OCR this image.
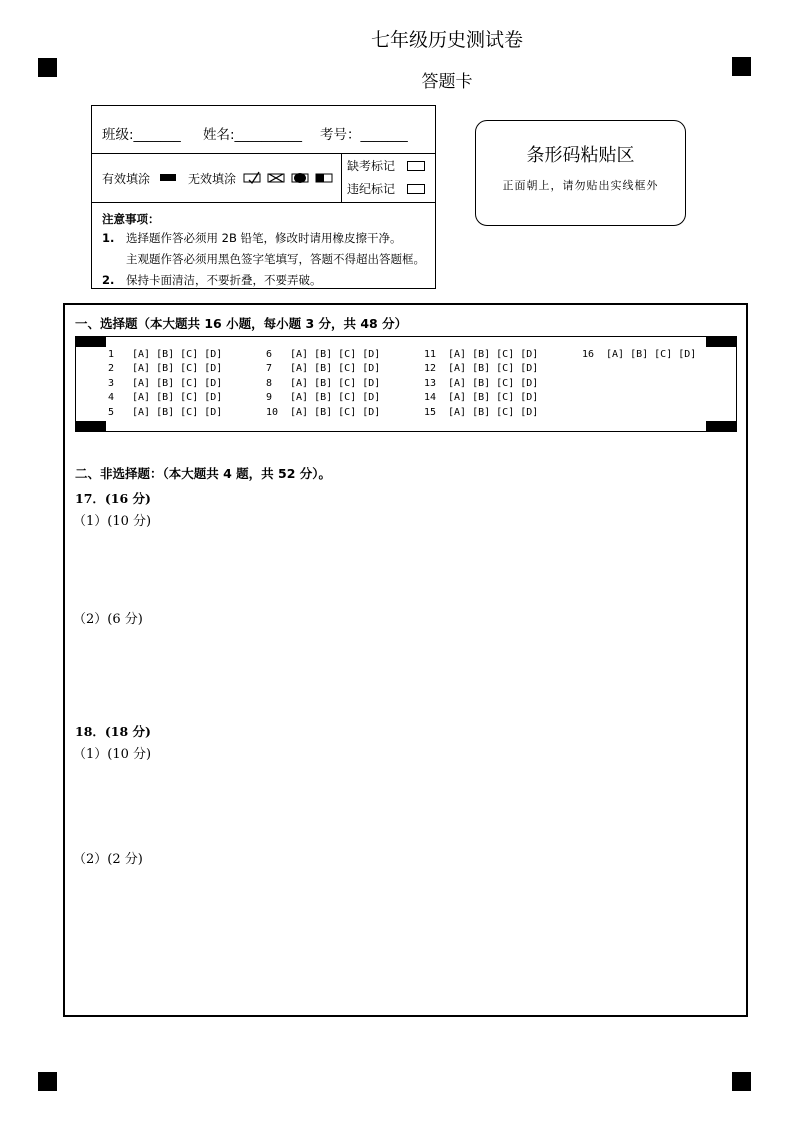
七年级历史测试卷
答题卡
班级:_______ 姓名:__________ 考号：_______
有效填涂	无效填涂
缺考标记
违纪标记
注意事项：
1. 选择题作答必须用 2B 铅笔，修改时请用橡皮擦干净。
主观题作答必须用黑色签字笔填写，答题不得超出答题框。
2. 保持卡面清洁，不要折叠，不要弄破。
条形码粘贴区
正面朝上，请勿贴出实线框外
一、选择题（本大题共 16 小题，每小题 3 分，共 48 分）
1 [A] [B] [C] [D]
2 [A] [B] [C] [D]
3 [A] [B] [C] [D]
4 [A] [B] [C] [D]
5 [A] [B] [C] [D]
6 [A] [B] [C] [D]
7 [A] [B] [C] [D]
8 [A] [B] [C] [D]
9 [A] [B] [C] [D]
10 [A] [B] [C] [D]
11 [A] [B] [C] [D]
12 [A] [B] [C] [D]
13 [A] [B] [C] [D]
14 [A] [B] [C] [D]
15 [A] [B] [C] [D]
16 [A] [B] [C] [D]
二、非选择题：（本大题共 4 题，共 52 分）。
17．(16 分)
（1）(10 分)
（2）(6 分)
18．(18 分)
（1）(10 分)
（2）(2 分)
